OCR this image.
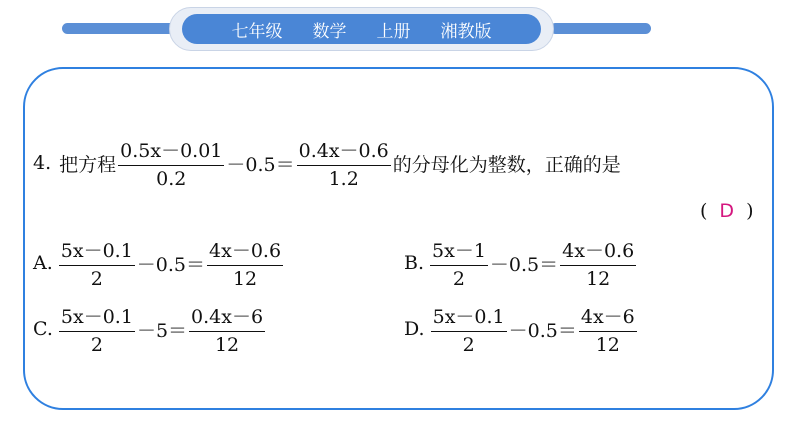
七年级 数学 上册 湘教版
4. 把方程 $\frac{0.5x-0.01}{0.2} -0.5= \frac{0.4x-0.6}{1.2}$ 的分母化为整数，正确的是
( D )
A. $\frac{5x-0.1}{2} -0.5= \frac{4x-0.6}{12}$	B. $\frac{5x-1}{2} -0.5= \frac{4x-0.6}{12}$
C. $\frac{5x-0.1}{2} -5= \frac{0.4x-6}{12}$	D. $\frac{5x-0.1}{2} -0.5= \frac{4x-6}{12}$
